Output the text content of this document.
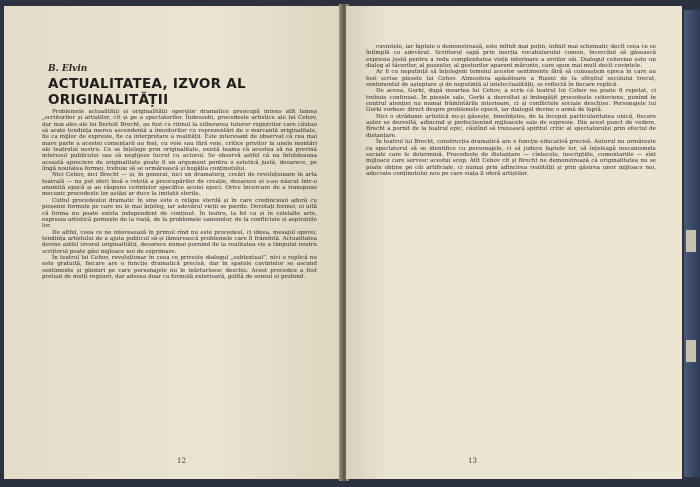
B. Elvin
ACTUALITATEA, IZVOR AL ORIGINALITĂȚII

Problemele actualității și originalității operelor dramatice preocupă intens atît lumea „scriitorilor și artiștilor, cît și pe a spectatorilor. Îndeosebi, procedeele artistice ale lui Cehov, dar mai ales ale lui Bertolt Brecht, au fost cu ritmul la eliberarea tuturor regiștrilor care căutau să arate tendința mereu ascendentă a înnoitorilor cu reprezentări de o marcantă originalitate, fie ca mijloc de expresie, fie ca interpretare a realității. Este interesant de observat că cea mai mare parte a acestei comentarii au fost, cu voie sau fără voie, critice privitor la unele montări ale teatrului nostru. Ce se înțelege prin originalitate, există teama că acestea să nu prevină interesul publicului sau să neglijeze lucrul cu actorul. Se observă astfel că nu întotdeauna această apreciere de originalitate poate fi un argument pentru o estetică justă, deoarece, pe lîngă noutatea formei, trebuie să se urmărească și bogăția conținutului.

Nici Cehov, nici Brecht — și, în general, nici un dramaturg, creări de revoluționare în arta teatrală — nu pot oferi însă o rețetă a preocupărilor de creație, deoarece ei s-au născut într-o anumită epocă și au răspuns cerințelor specifice acelei epoci. Orice încercare de a transpune mecanic procedeele lor astăzi ar duce la imitații sterile.

Cultul procedeului dramatic în sine este o religie sterilă și în care credincioșii adoră cu pioșenie formule pe care nu le mai înțeleg, iar adevărul vieții se pierde. Devotați formei, ei uită că forma nu poate exista independent de conținut. În teatru, la fel ca și în celelalte arte, expresia artistică pornește de la viață, de la problemele oamenilor, de la conflictele și aspirațiile lor.

De altfel, ceea ce ne interesează în primul rînd nu este procedeul, ci ideea, mesajul operei, tendința artistului de a ajuta publicul să-și lămurească problemele care îl frămîntă. Actualitatea devine astfel izvorul originalității, deoarece numai pornind de la realitatea vie a timpului nostru scriitorul poate găsi mijloace noi de exprimare.

În teatrul lui Cehov, revoluționar în ceea ce privește dialogul „subtextual”, nici o replică nu este gratuită, fiecare are o funcție dramatică precisă, dar în spatele cuvintelor se ascund sentimente și gînduri pe care personajele nu le mărturisesc deschis. Acest procedeu a fost preluat de mulți regizori, dar adesea doar ca formulă exterioară, golită de sensul ei profund.

12

cuvintele, iar faptele o demonstrează, este infinit mai puțin, infinit mai schematic decît ceea ce se întîmplă cu adevărat. Scriitorul sapă prin inerția vocabularului comun, încercînd să găsească expresia justă pentru a reda complexitatea vieții interioare a eroilor săi. Dialogul cehovian este un dialog al tăcerilor, al pauzelor, al gesturilor aparent mărunte, care spun mai mult decît cuvintele.

Ar fi cu neputință să înțelegem temeiul acestor sentimente fără să cunoaștem epoca în care au fost scrise piesele lui Cehov. Atmosfera apăsătoare a Rusiei de la sfîrșitul secolului trecut, sentimentul de așteptare și de neputință al intelectualității, se reflectă în fiecare replică.

De aceea, Gorki, după moartea lui Cehov, a scris că teatrul lui Cehov nu poate fi repetat, ci trebuie continuat. În piesele sale, Gorki a dezvoltat și îmbogățit procedeele cehoviene, punînd în centrul atenției nu numai frămîntările interioare, ci și conflictele sociale deschise. Personajele lui Gorki vorbesc direct despre problemele epocii, iar dialogul devine o armă de luptă.

Nici o strădanie artistică nu-și găsește, bineînțeles, de la început particularitatea unică, fiecare autor se dezvoltă, adîncind și perfecționînd mijloacele sale de expresie. Din acest punct de vedere, Brecht a pornit de la teatrul epic, căutînd să trezească spiritul critic al spectatorului prin efectul de distanțare.

În teatrul lui Brecht, construcția dramatică are o funcție educativă precisă. Autorul nu urmărește ca spectatorul să se identifice cu personajele, ci să judece faptele lor, să înțeleagă mecanismele sociale care le determină. Procedeele de distanțare — cîntecele, inscripțiile, comentariile — sînt mijloace care servesc acestui scop. Atît Cehov cît și Brecht ne demonstrează că originalitatea nu se poate obține pe căi artificiale, ci numai prin adîncirea realității și prin găsirea unor mijloace noi, adecvate conținutului nou pe care viața îl oferă artiștilor.

13
